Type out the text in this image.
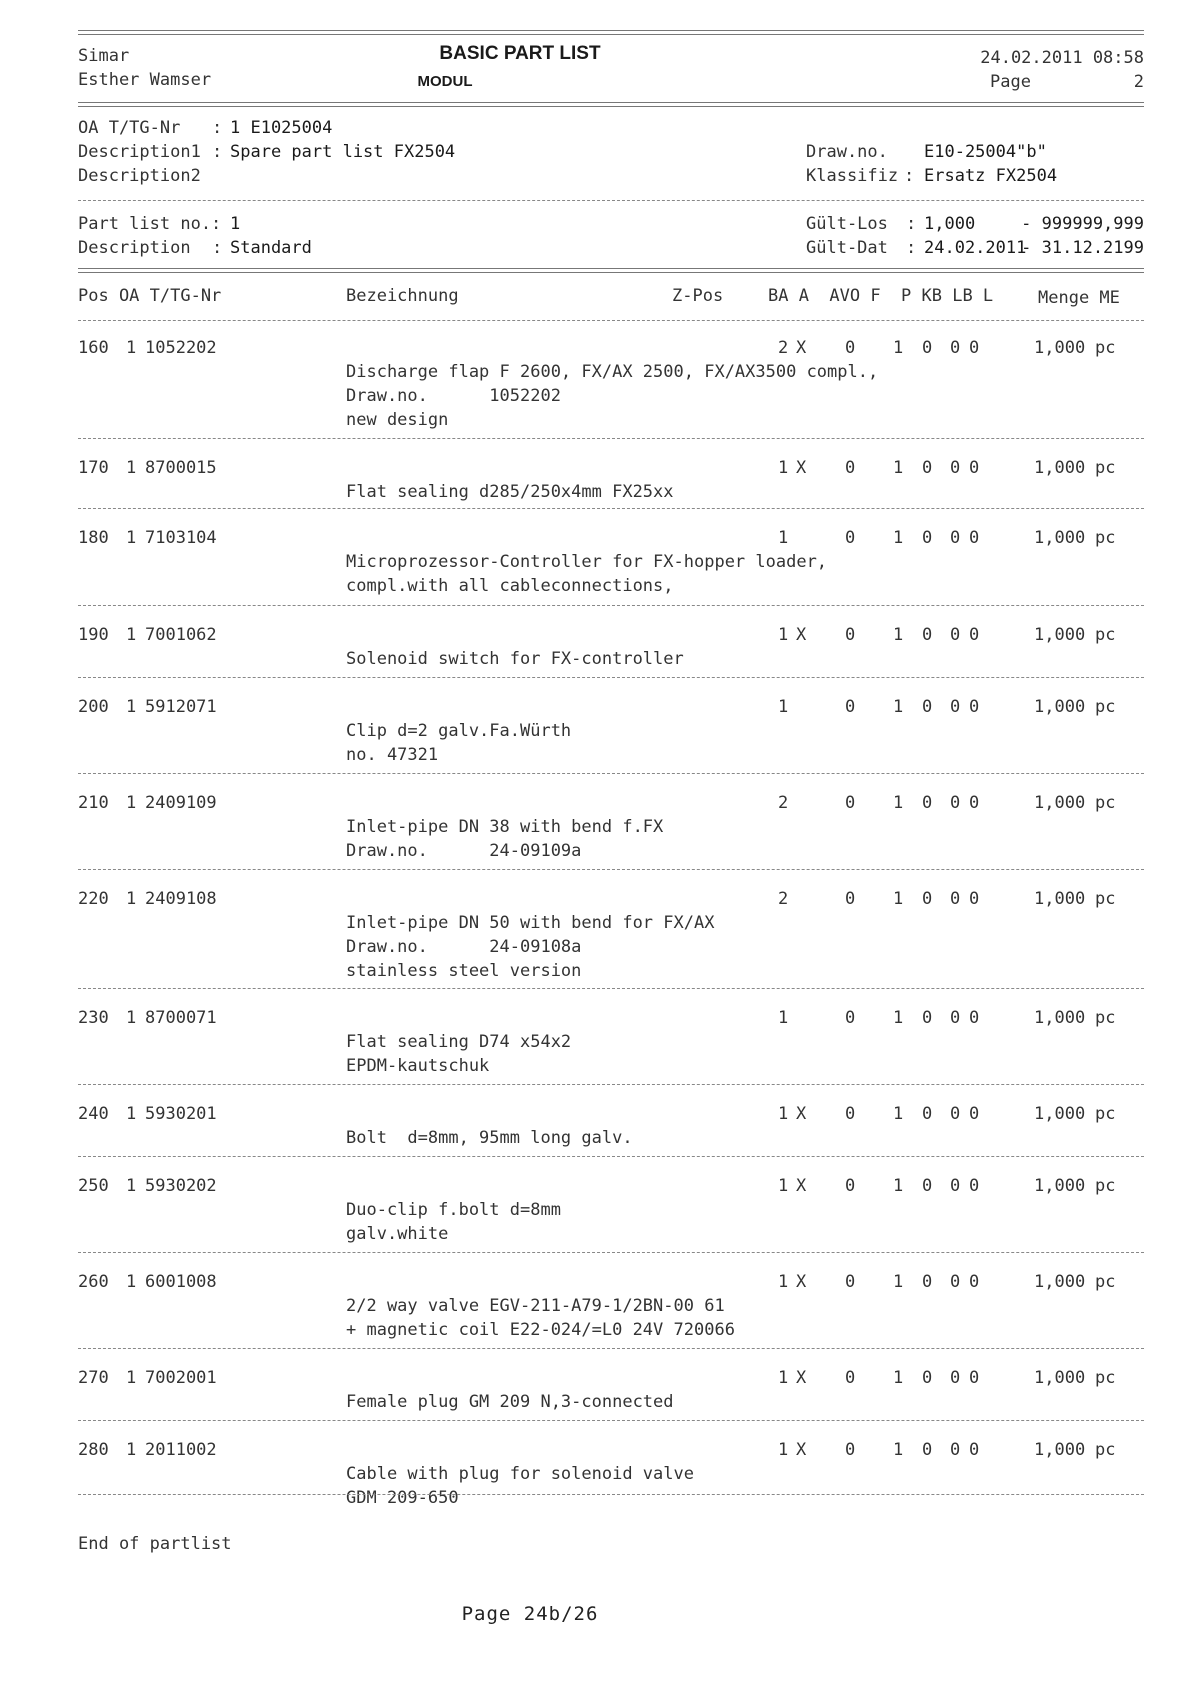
Simar
Esther Wamser
BASIC PART LIST
MODUL
24.02.2011 08:58
Page	2
OA T/TG-Nr : 1 E1025004
Description1 : Spare part list FX2504
Description2
Draw.no. E10-25004"b"
Klassifiz : Ersatz FX2504
Part list no.: 1
Description : Standard
Gült-Los : 1,000	- 999999,999
Gült-Dat : 24.02.2011
- 31.12.2199
Pos OA T/TG-Nr	Bezeichnung	Z-Pos	BA A  AVO F  P KB LB L	Menge ME
160 1 1052202	2 X 0 1 0 0 0	1,000 pc
Discharge flap F 2600, FX/AX 2500, FX/AX3500 compl.,
Draw.no.      1052202
new design
170 1 8700015	1 X 0 1 0 0 0	1,000 pc
Flat sealing d285/250x4mm FX25xx
180 1 7103104	1	0 1 0 0 0	1,000 pc
Microprozessor-Controller for FX-hopper loader,
compl.with all cableconnections,
190 1 7001062	1 X 0 1 0 0 0	1,000 pc
Solenoid switch for FX-controller
200 1 5912071	1	0 1 0 0 0	1,000 pc
Clip d=2 galv.Fa.Würth
no. 47321
210 1 2409109	2	0 1 0 0 0	1,000 pc
Inlet-pipe DN 38 with bend f.FX
Draw.no.      24-09109a
220 1 2409108	2	0 1 0 0 0	1,000 pc
Inlet-pipe DN 50 with bend for FX/AX
Draw.no.      24-09108a
stainless steel version
230 1 8700071	1	0 1 0 0 0	1,000 pc
Flat sealing D74 x54x2
EPDM-kautschuk
240 1 5930201	1 X 0 1 0 0 0	1,000 pc
Bolt  d=8mm, 95mm long galv.
250 1 5930202	1 X 0 1 0 0 0	1,000 pc
Duo-clip f.bolt d=8mm
galv.white
260 1 6001008	1 X 0 1 0 0 0	1,000 pc
2/2 way valve EGV-211-A79-1/2BN-00 61
+ magnetic coil E22-024/=L0 24V 720066
270 1 7002001	1 X 0 1 0 0 0	1,000 pc
Female plug GM 209 N,3-connected
280 1 2011002	1 X 0 1 0 0 0	1,000 pc
Cable with plug for solenoid valve
GDM 209-650
End of partlist
Page 24b/26
